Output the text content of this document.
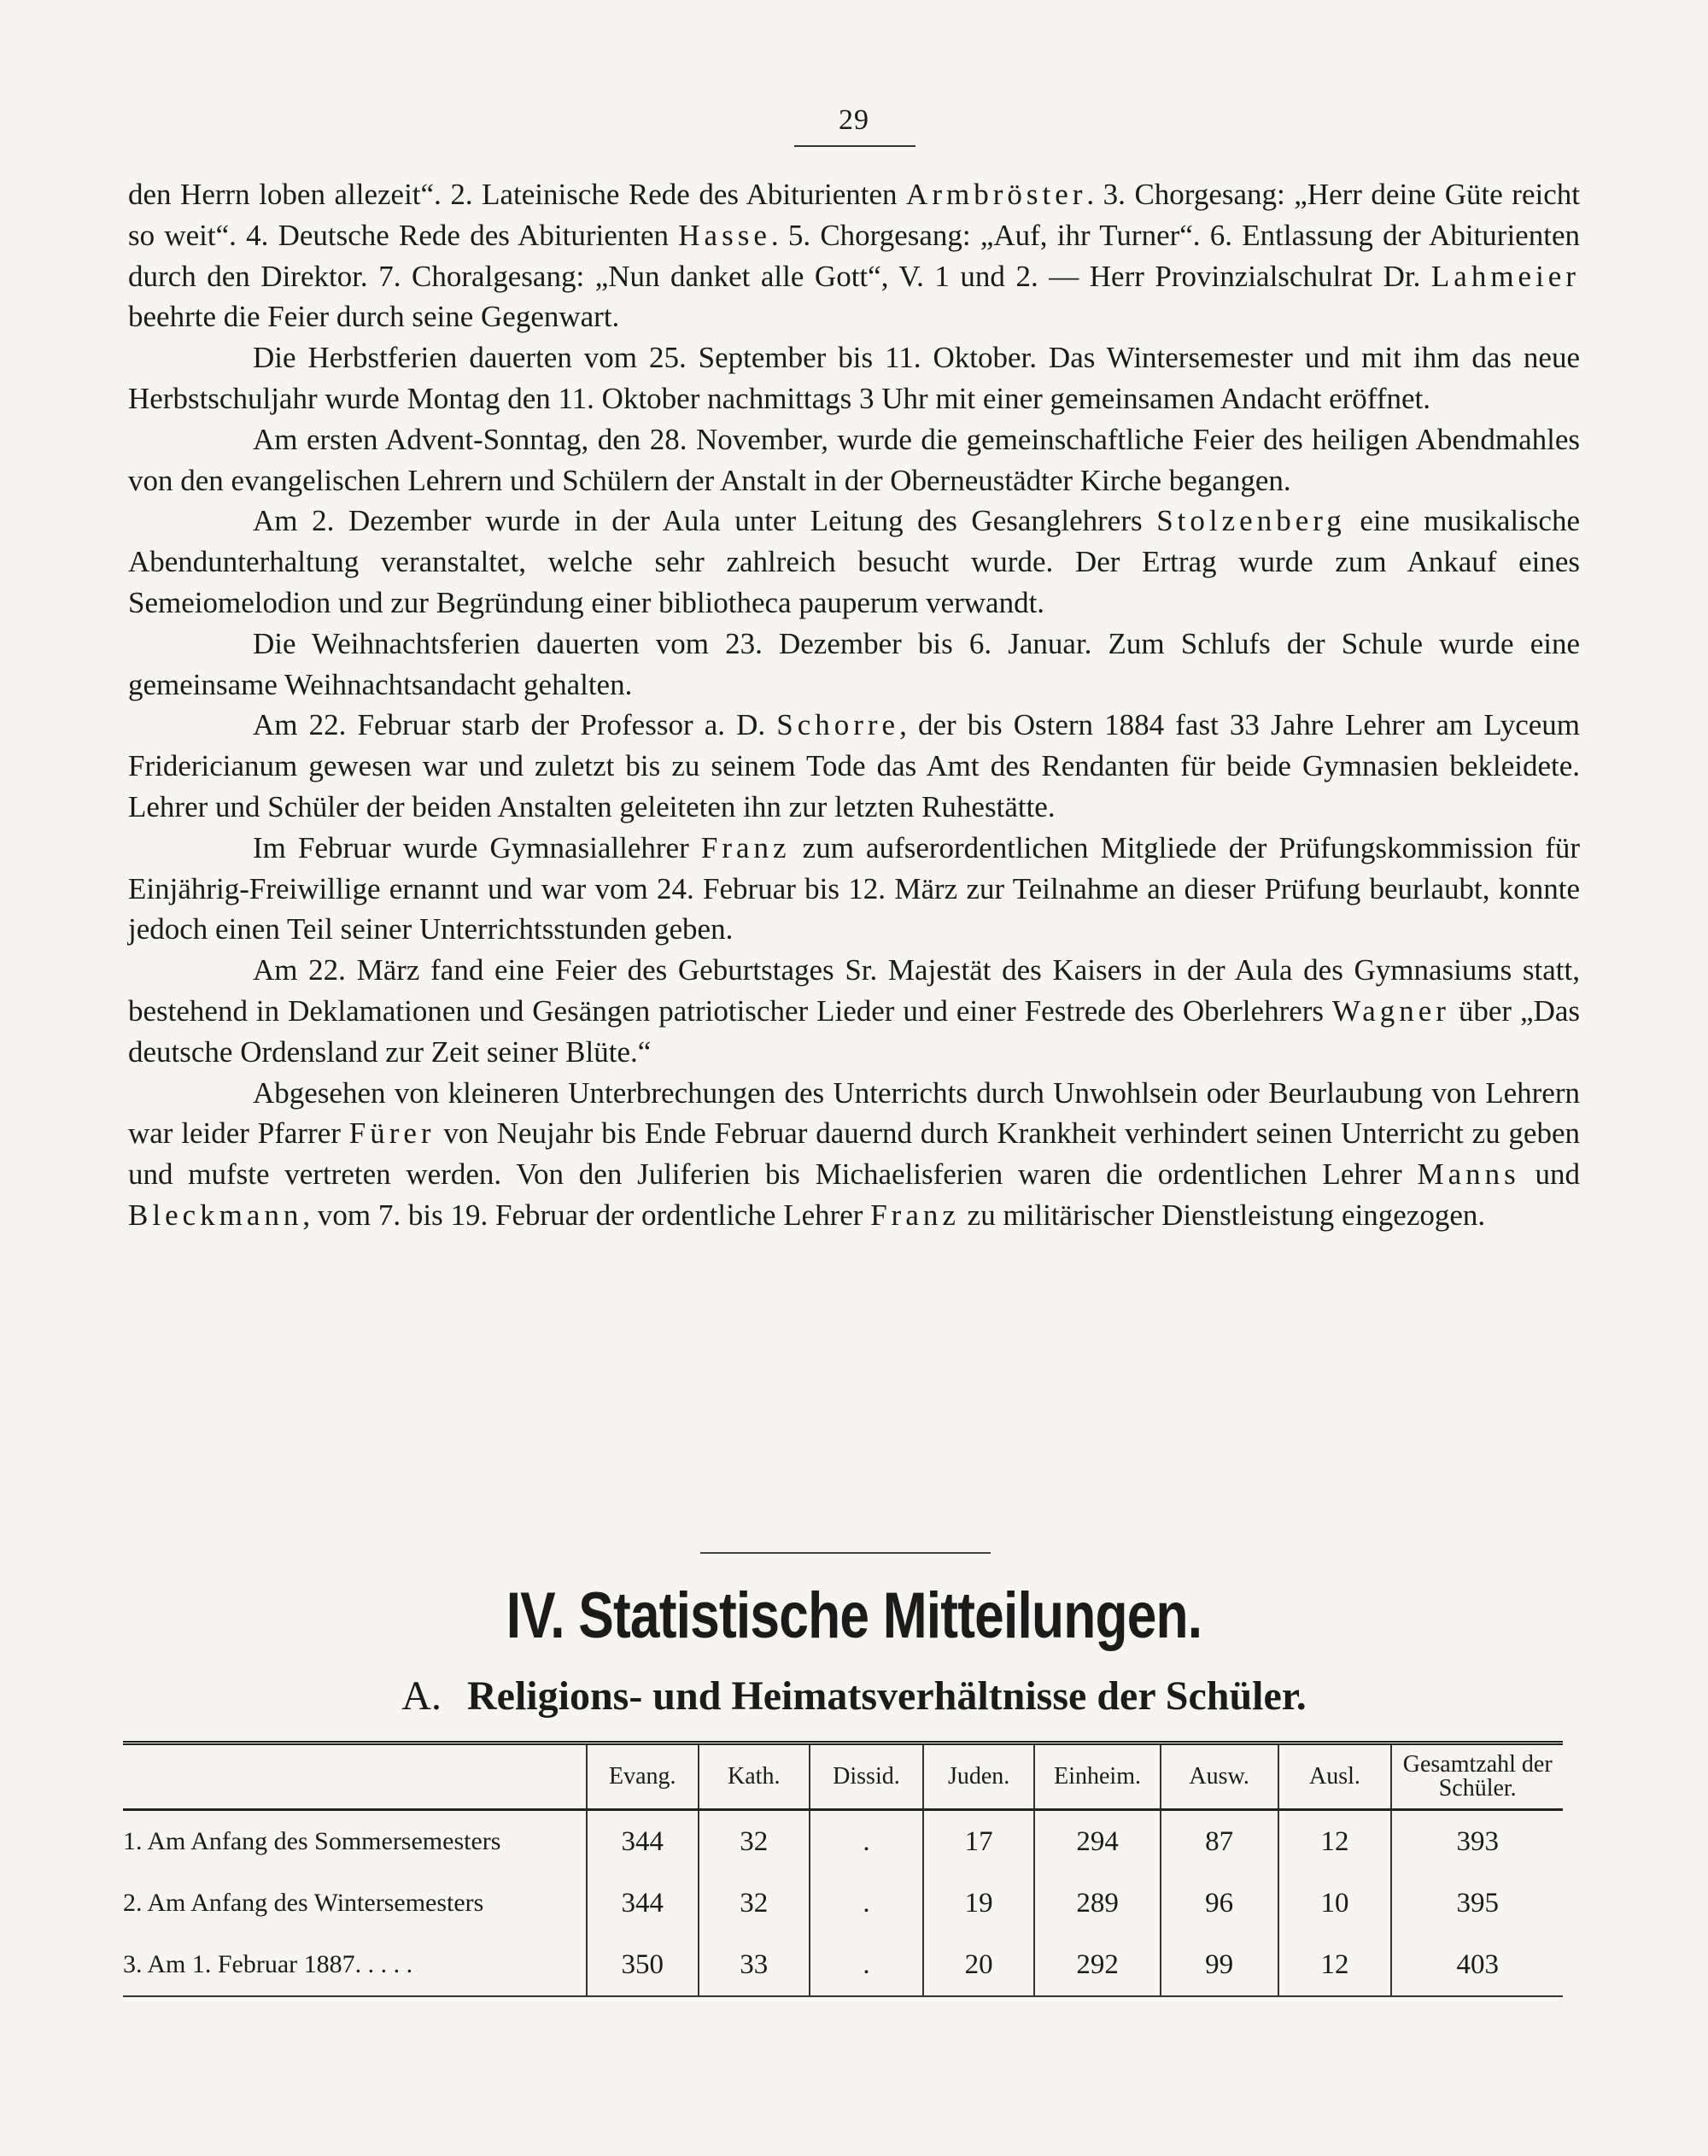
29

den Herrn loben allezeit“. 2. Lateinische Rede des Abiturienten Armbröster. 3. Chorgesang: „Herr deine Güte reicht so weit“. 4. Deutsche Rede des Abiturienten Hasse. 5. Chorgesang: „Auf, ihr Turner“. 6. Entlassung der Abiturienten durch den Direktor. 7. Choralgesang: „Nun danket alle Gott“, V. 1 und 2. — Herr Provinzialschulrat Dr. Lahmeier beehrte die Feier durch seine Gegenwart.

Die Herbstferien dauerten vom 25. September bis 11. Oktober. Das Wintersemester und mit ihm das neue Herbstschuljahr wurde Montag den 11. Oktober nachmittags 3 Uhr mit einer gemeinsamen Andacht eröffnet.

Am ersten Advent-Sonntag, den 28. November, wurde die gemeinschaftliche Feier des heiligen Abendmahles von den evangelischen Lehrern und Schülern der Anstalt in der Oberneustädter Kirche begangen.

Am 2. Dezember wurde in der Aula unter Leitung des Gesanglehrers Stolzenberg eine musikalische Abendunterhaltung veranstaltet, welche sehr zahlreich besucht wurde. Der Ertrag wurde zum Ankauf eines Semeiomelodion und zur Begründung einer bibliotheca pauperum verwandt.

Die Weihnachtsferien dauerten vom 23. Dezember bis 6. Januar. Zum Schlufs der Schule wurde eine gemeinsame Weihnachtsandacht gehalten.

Am 22. Februar starb der Professor a. D. Schorre, der bis Ostern 1884 fast 33 Jahre Lehrer am Lyceum Fridericianum gewesen war und zuletzt bis zu seinem Tode das Amt des Rendanten für beide Gymnasien bekleidete. Lehrer und Schüler der beiden Anstalten geleiteten ihn zur letzten Ruhestätte.

Im Februar wurde Gymnasiallehrer Franz zum aufserordentlichen Mitgliede der Prüfungskommission für Einjährig-Freiwillige ernannt und war vom 24. Februar bis 12. März zur Teilnahme an dieser Prüfung beurlaubt, konnte jedoch einen Teil seiner Unterrichtsstunden geben.

Am 22. März fand eine Feier des Geburtstages Sr. Majestät des Kaisers in der Aula des Gymnasiums statt, bestehend in Deklamationen und Gesängen patriotischer Lieder und einer Festrede des Oberlehrers Wagner über „Das deutsche Ordensland zur Zeit seiner Blüte.“

Abgesehen von kleineren Unterbrechungen des Unterrichts durch Unwohlsein oder Beurlaubung von Lehrern war leider Pfarrer Fürer von Neujahr bis Ende Februar dauernd durch Krankheit verhindert seinen Unterricht zu geben und mufste vertreten werden. Von den Juliferien bis Michaelisferien waren die ordentlichen Lehrer Manns und Bleckmann, vom 7. bis 19. Februar der ordentliche Lehrer Franz zu militärischer Dienstleistung eingezogen.

IV. Statistische Mitteilungen.
A. Religions- und Heimatsverhältnisse der Schüler.
	Evang.	Kath.	Dissid.	Juden.	Einheim.	Ausw.	Ausl.	Gesamtzahl der Schüler.
1. Am Anfang des Sommersemesters	344	32	.	17	294	87	12	393
2. Am Anfang des Wintersemesters	344	32	.	19	289	96	10	395
3. Am 1. Februar 1887. . . . .	350	33	.	20	292	99	12	403
